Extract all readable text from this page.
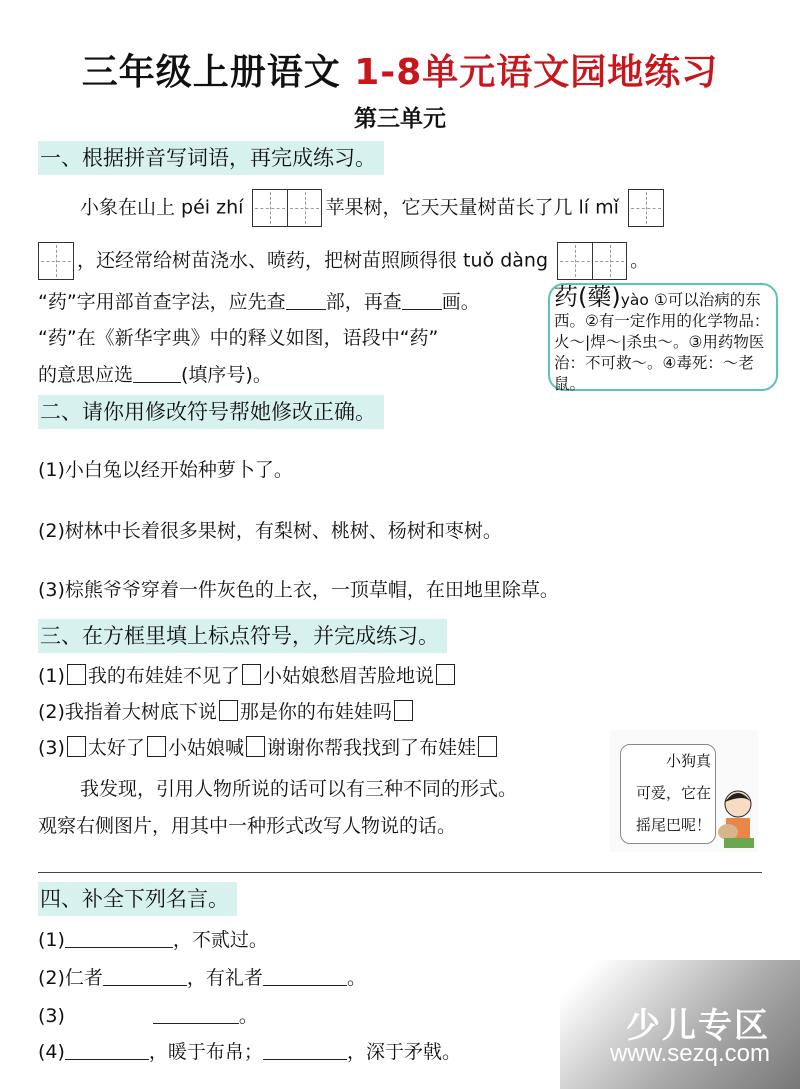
三年级上册语文 1-8单元语文园地练习
第三单元
一、根据拼音写词语，再完成练习。
小象在山上 péi zhí	苹果树，它天天量树苗长了几 lí mǐ
，还经常给树苗浇水、喷药，把树苗照顾得很 tuǒ dàng	。
“药”字用部首查字法，应先查 部，再查 画。
“药”在《新华字典》中的释义如图，语段中“药”
的意思应选	(填序号)。
药(藥)yào ①可以治病的东西。②有一定作用的化学物品：火～|焊～|杀虫～。③用药物医治：不可救～。④毒死：～老鼠。
二、请你用修改符号帮她修改正确。
(1)小白兔以经开始种萝卜了。
(2)树林中长着很多果树，有梨树、桃树、杨树和枣树。
(3)棕熊爷爷穿着一件灰色的上衣，一顶草帽，在田地里除草。
三、在方框里填上标点符号，并完成练习。
(1) 我的布娃娃不见了 小姑娘愁眉苦脸地说
(2)我指着大树底下说 那是你的布娃娃吗
(3) 太好了 小姑娘喊 谢谢你帮我找到了布娃娃
我发现，引用人物所说的话可以有三种不同的形式。
观察右侧图片，用其中一种形式改写人物说的话。
小狗真
可爱，它在
摇尾巴呢！
四、补全下列名言。
(1)	，不贰过。
(2)仁者	，有礼者	。
(3)	。
(4)	，暖于布帛；	，深于矛戟。
少儿专区
www.sezq.com
